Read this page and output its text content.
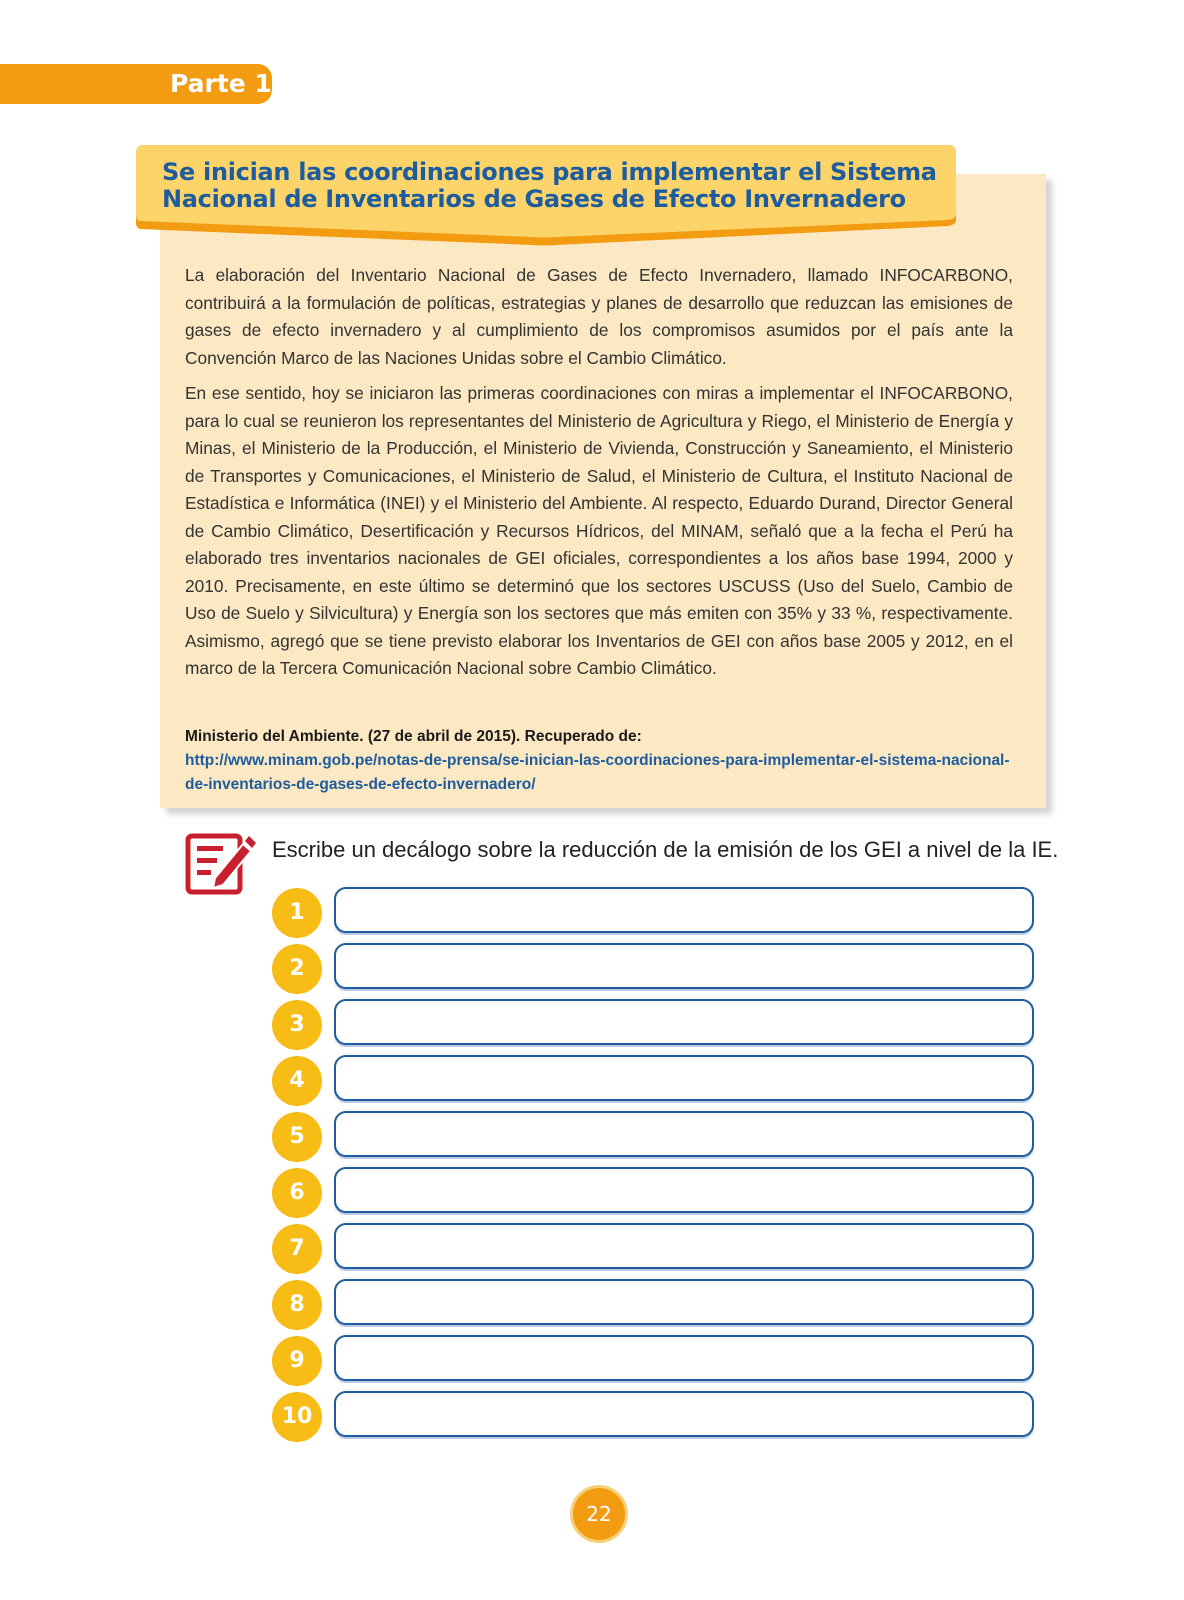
Parte 1
Se inician las coordinaciones para implementar el Sistema Nacional de Inventarios de Gases de Efecto Invernadero

La elaboración del Inventario Nacional de Gases de Efecto Invernadero, llamado INFOCARBONO, contribuirá a la formulación de políticas, estrategias y planes de desarrollo que reduzcan las emisiones de gases de efecto invernadero y al cumplimiento de los compromisos asumidos por el país ante la Convención Marco de las Naciones Unidas sobre el Cambio Climático.

En ese sentido, hoy se iniciaron las primeras coordinaciones con miras a implementar el INFOCARBONO, para lo cual se reunieron los representantes del Ministerio de Agricultura y Riego, el Ministerio de Energía y Minas, el Ministerio de la Producción, el Ministerio de Vivienda, Construcción y Saneamiento, el Ministerio de Transportes y Comunicaciones, el Ministerio de Salud, el Ministerio de Cultura, el Instituto Nacional de Estadística e Informática (INEI) y el Ministerio del Ambiente. Al respecto, Eduardo Durand, Director General de Cambio Climático, Desertificación y Recursos Hídricos, del MINAM, señaló que a la fecha el Perú ha elaborado tres inventarios nacionales de GEI oficiales, correspondientes a los años base 1994, 2000 y 2010. Precisamente, en este último se determinó que los sectores USCUSS (Uso del Suelo, Cambio de Uso de Suelo y Silvicultura) y Energía son los sectores que más emiten con 35% y 33 %, respectivamente. Asimismo, agregó que se tiene previsto elaborar los Inventarios de GEI con años base 2005 y 2012, en el marco de la Tercera Comunicación Nacional sobre Cambio Climático.

Ministerio del Ambiente. (27 de abril de 2015). Recuperado de:
http://www.minam.gob.pe/notas-de-prensa/se-inician-las-coordinaciones-para-implementar-el-sistema-nacional-de-inventarios-de-gases-de-efecto-invernadero/
Escribe un decálogo sobre la reducción de la emisión de los GEI a nivel de la IE.
1
2
3
4
5
6
7
8
9
10
22
